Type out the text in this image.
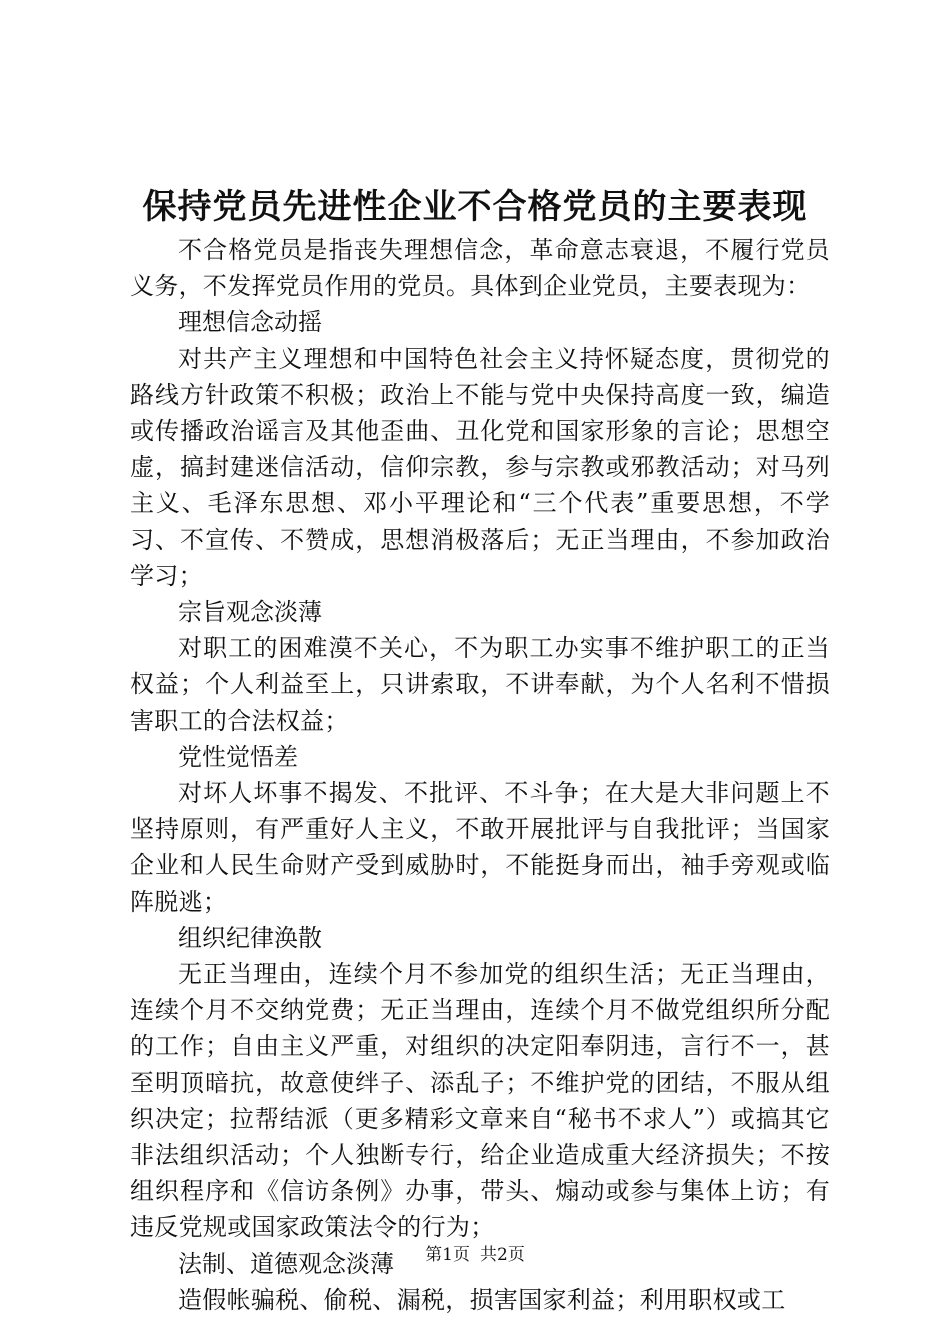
保持党员先进性企业不合格党员的主要表现

不合格党员是指丧失理想信念，革命意志衰退，不履行党员义务，不发挥党员作用的党员。具体到企业党员，主要表现为：

理想信念动摇

对共产主义理想和中国特色社会主义持怀疑态度，贯彻党的路线方针政策不积极；政治上不能与党中央保持高度一致，编造或传播政治谣言及其他歪曲、丑化党和国家形象的言论；思想空虚，搞封建迷信活动，信仰宗教，参与宗教或邪教活动；对马列主义、毛泽东思想、邓小平理论和“三个代表”重要思想，不学习、不宣传、不赞成，思想消极落后；无正当理由，不参加政治学习；

宗旨观念淡薄

对职工的困难漠不关心，不为职工办实事不维护职工的正当权益；个人利益至上，只讲索取，不讲奉献，为个人名利不惜损害职工的合法权益；

党性觉悟差

对坏人坏事不揭发、不批评、不斗争；在大是大非问题上不坚持原则，有严重好人主义，不敢开展批评与自我批评；当国家企业和人民生命财产受到威胁时，不能挺身而出，袖手旁观或临阵脱逃；

组织纪律涣散

无正当理由，连续个月不参加党的组织生活；无正当理由，连续个月不交纳党费；无正当理由，连续个月不做党组织所分配的工作；自由主义严重，对组织的决定阳奉阴违，言行不一，甚至明顶暗抗，故意使绊子、添乱子；不维护党的团结，不服从组织决定；拉帮结派（更多精彩文章来自“秘书不求人”）或搞其它非法组织活动；个人独断专行，给企业造成重大经济损失；不按组织程序和《信访条例》办事，带头、煽动或参与集体上访；有违反党规或国家政策法令的行为；

法制、道德观念淡薄

造假帐骗税、偷税、漏税，损害国家利益；利用职权或工

第1页 共2页
